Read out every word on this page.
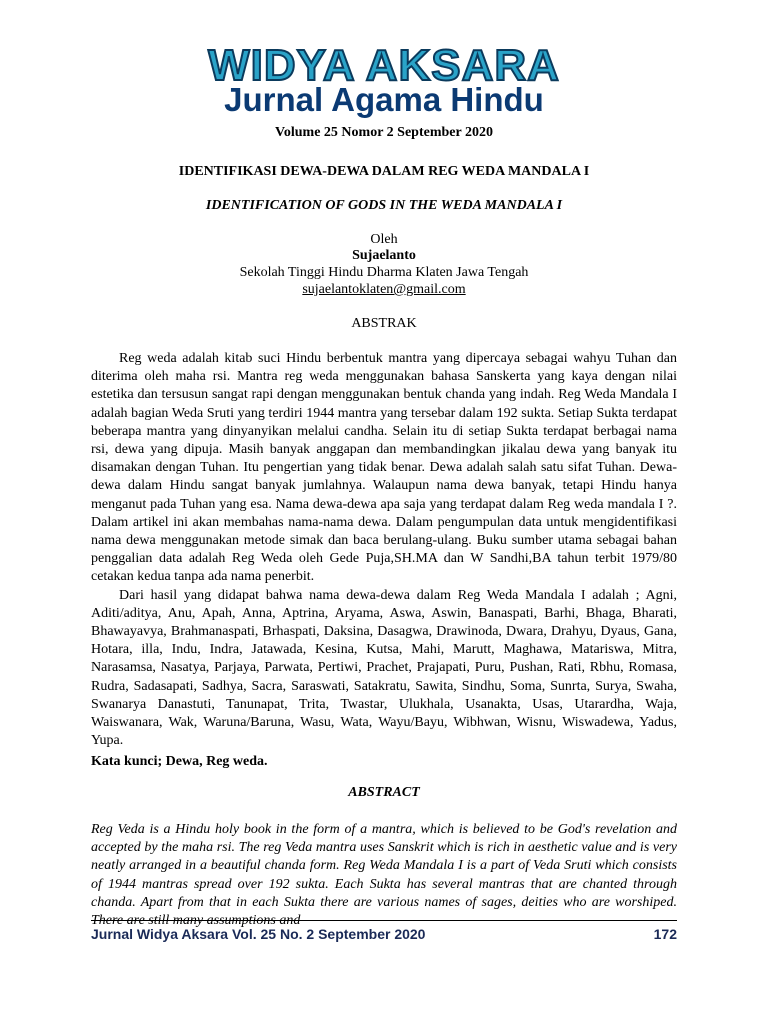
WIDYA AKSARA
Jurnal Agama Hindu
Volume 25 Nomor 2 September 2020
IDENTIFIKASI DEWA-DEWA DALAM REG WEDA MANDALA I
IDENTIFICATION OF GODS IN THE WEDA MANDALA I
Oleh
Sujaelanto
Sekolah Tinggi Hindu Dharma Klaten Jawa Tengah
sujaelantoklaten@gmail.com
ABSTRAK

Reg weda adalah kitab suci Hindu berbentuk mantra yang dipercaya sebagai wahyu Tuhan dan diterima oleh maha rsi. Mantra reg weda menggunakan bahasa Sanskerta yang kaya dengan nilai estetika dan tersusun sangat rapi dengan menggunakan bentuk chanda yang indah. Reg Weda Mandala I adalah bagian Weda Sruti yang terdiri 1944 mantra yang tersebar dalam 192 sukta. Setiap Sukta terdapat beberapa mantra yang dinyanyikan melalui candha. Selain itu di setiap Sukta terdapat berbagai nama rsi, dewa yang dipuja. Masih banyak anggapan dan membandingkan jikalau dewa yang banyak itu disamakan dengan Tuhan. Itu pengertian yang tidak benar. Dewa adalah salah satu sifat Tuhan. Dewa-dewa dalam Hindu sangat banyak jumlahnya. Walaupun nama dewa banyak, tetapi Hindu hanya menganut pada Tuhan yang esa. Nama dewa-dewa apa saja yang terdapat dalam Reg weda mandala I ?. Dalam artikel ini akan membahas nama-nama dewa. Dalam pengumpulan data untuk mengidentifikasi nama dewa menggunakan metode simak dan baca berulang-ulang. Buku sumber utama sebagai bahan penggalian data adalah Reg Weda oleh Gede Puja,SH.MA dan W Sandhi,BA tahun terbit 1979/80 cetakan kedua tanpa ada nama penerbit.

Dari hasil yang didapat bahwa nama dewa-dewa dalam Reg Weda Mandala I adalah ; Agni, Aditi/aditya, Anu, Apah, Anna, Aptrina, Aryama, Aswa, Aswin, Banaspati, Barhi, Bhaga, Bharati, Bhawayavya, Brahmanaspati, Brhaspati, Daksina, Dasagwa, Drawinoda, Dwara, Drahyu, Dyaus, Gana, Hotara, illa, Indu, Indra, Jatawada, Kesina, Kutsa, Mahi, Marutt, Maghawa, Matariswa, Mitra, Narasamsa, Nasatya, Parjaya, Parwata, Pertiwi, Prachet, Prajapati, Puru, Pushan, Rati, Rbhu, Romasa, Rudra, Sadasapati, Sadhya, Sacra, Saraswati, Satakratu, Sawita, Sindhu, Soma, Sunrta, Surya, Swaha, Swanarya Danastuti, Tanunapat, Trita, Twastar, Ulukhala, Usanakta, Usas, Utarardha, Waja, Waiswanara, Wak, Waruna/Baruna, Wasu, Wata, Wayu/Bayu, Wibhwan, Wisnu, Wiswadewa, Yadus, Yupa.

Kata kunci; Dewa, Reg weda.
ABSTRACT

Reg Veda is a Hindu holy book in the form of a mantra, which is believed to be God's revelation and accepted by the maha rsi. The reg Veda mantra uses Sanskrit which is rich in aesthetic value and is very neatly arranged in a beautiful chanda form. Reg Weda Mandala I is a part of Veda Sruti which consists of 1944 mantras spread over 192 sukta. Each Sukta has several mantras that are chanted through chanda. Apart from that in each Sukta there are various names of sages, deities who are worshiped. There are still many assumptions and

Jurnal Widya Aksara Vol. 25 No. 2 September 2020	172
